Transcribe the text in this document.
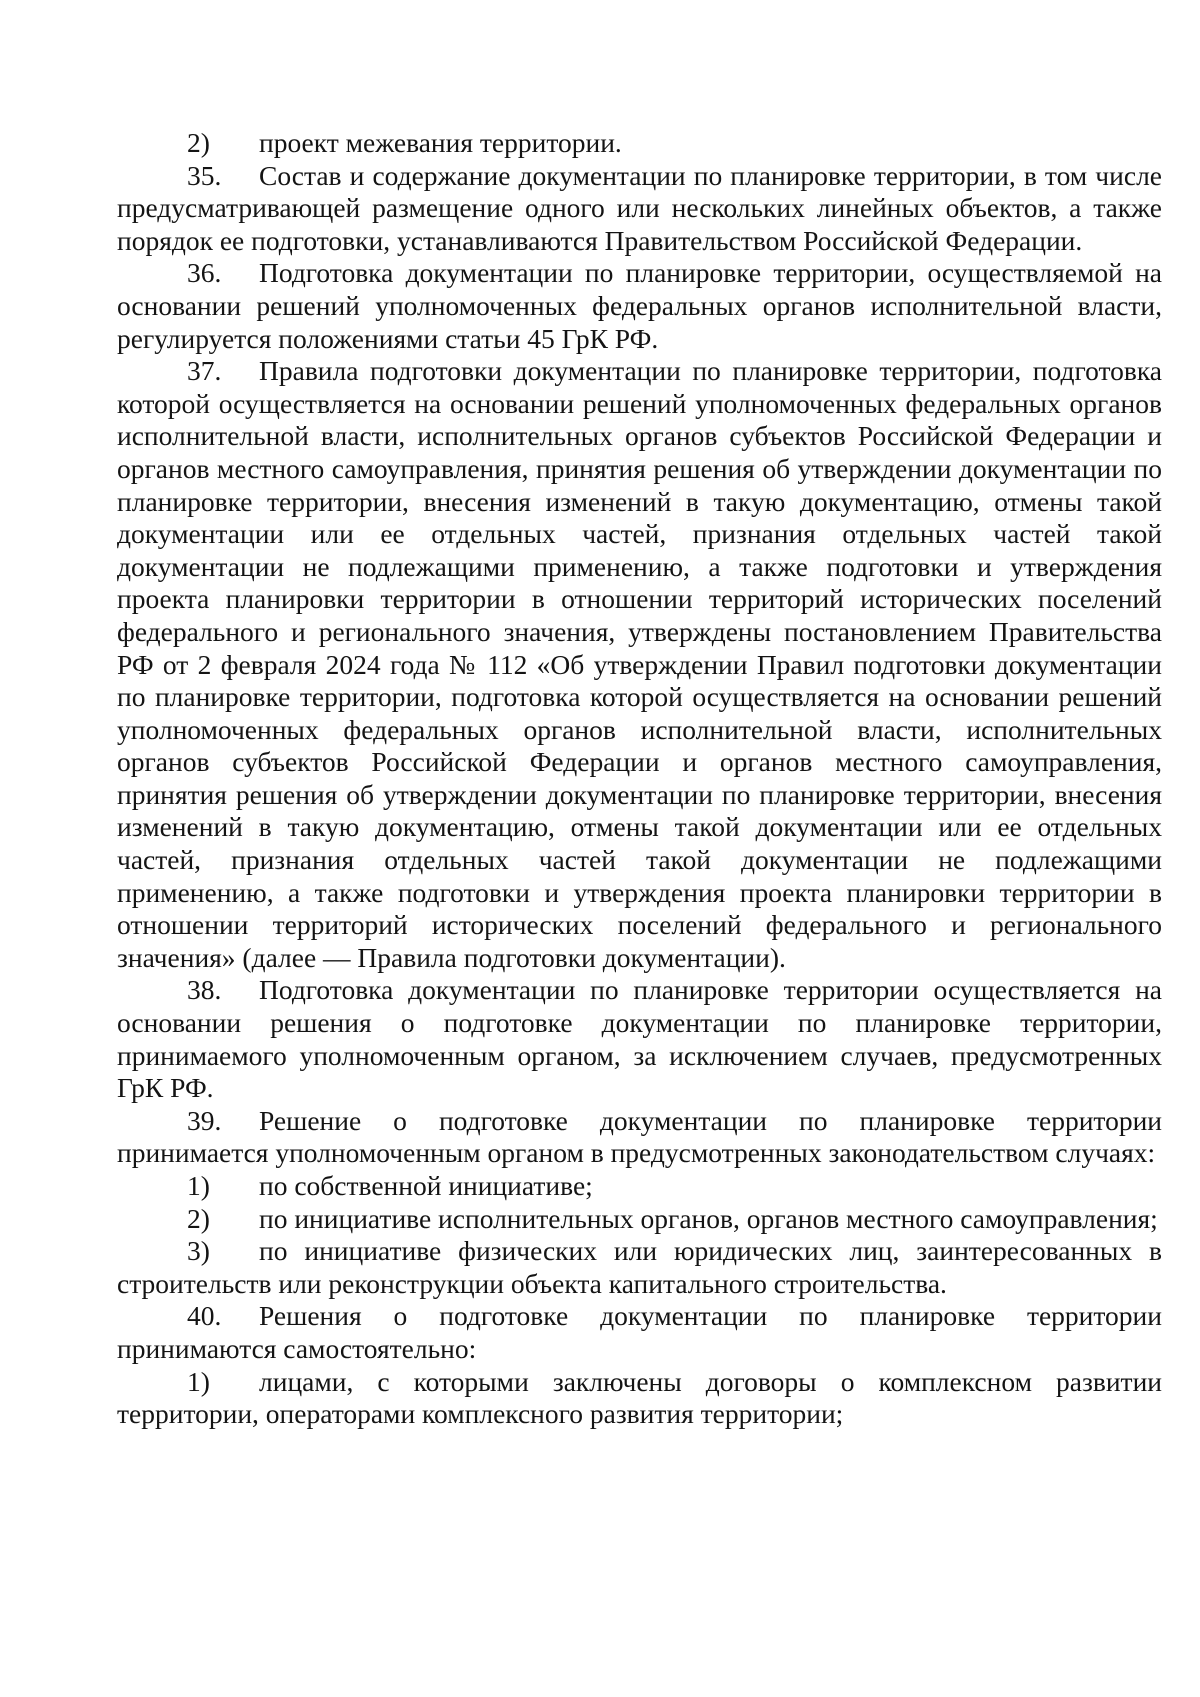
2) проект межевания территории.

35. Состав и содержание документации по планировке территории, в том числе предусматривающей размещение одного или нескольких линейных объектов, а также порядок ее подготовки, устанавливаются Правительством Российской Федерации.

36. Подготовка документации по планировке территории, осуществляемой на основании решений уполномоченных федеральных органов исполнительной власти, регулируется положениями статьи 45 ГрК РФ.

37. Правила подготовки документации по планировке территории, подготовка которой осуществляется на основании решений уполномоченных федеральных органов исполнительной власти, исполнительных органов субъектов Российской Федерации и органов местного самоуправления, принятия решения об утверждении документации по планировке территории, внесения изменений в такую документацию, отмены такой документации или ее отдельных частей, признания отдельных частей такой документации не подлежащими применению, а также подготовки и утверждения проекта планировки территории в отношении территорий исторических поселений федерального и регионального значения, утверждены постановлением Правительства РФ от 2 февраля 2024 года № 112 «Об утверждении Правил подготовки документации по планировке территории, подготовка которой осуществляется на основании решений уполномоченных федеральных органов исполнительной власти, исполнительных органов субъектов Российской Федерации и органов местного самоуправления, принятия решения об утверждении документации по планировке территории, внесения изменений в такую документацию, отмены такой документации или ее отдельных частей, признания отдельных частей такой документации не подлежащими применению, а также подготовки и утверждения проекта планировки территории в отношении территорий исторических поселений федерального и регионального значения» (далее — Правила подготовки документации).

38. Подготовка документации по планировке территории осуществляется на основании решения о подготовке документации по планировке территории, принимаемого уполномоченным органом, за исключением случаев, предусмотренных ГрК РФ.

39. Решение о подготовке документации по планировке территории принимается уполномоченным органом в предусмотренных законодательством случаях:

1) по собственной инициативе;

2) по инициативе исполнительных органов, органов местного самоуправления;

3) по инициативе физических или юридических лиц, заинтересованных в строительств или реконструкции объекта капитального строительства.

40. Решения о подготовке документации по планировке территории принимаются самостоятельно:

1) лицами, с которыми заключены договоры о комплексном развитии территории, операторами комплексного развития территории;
